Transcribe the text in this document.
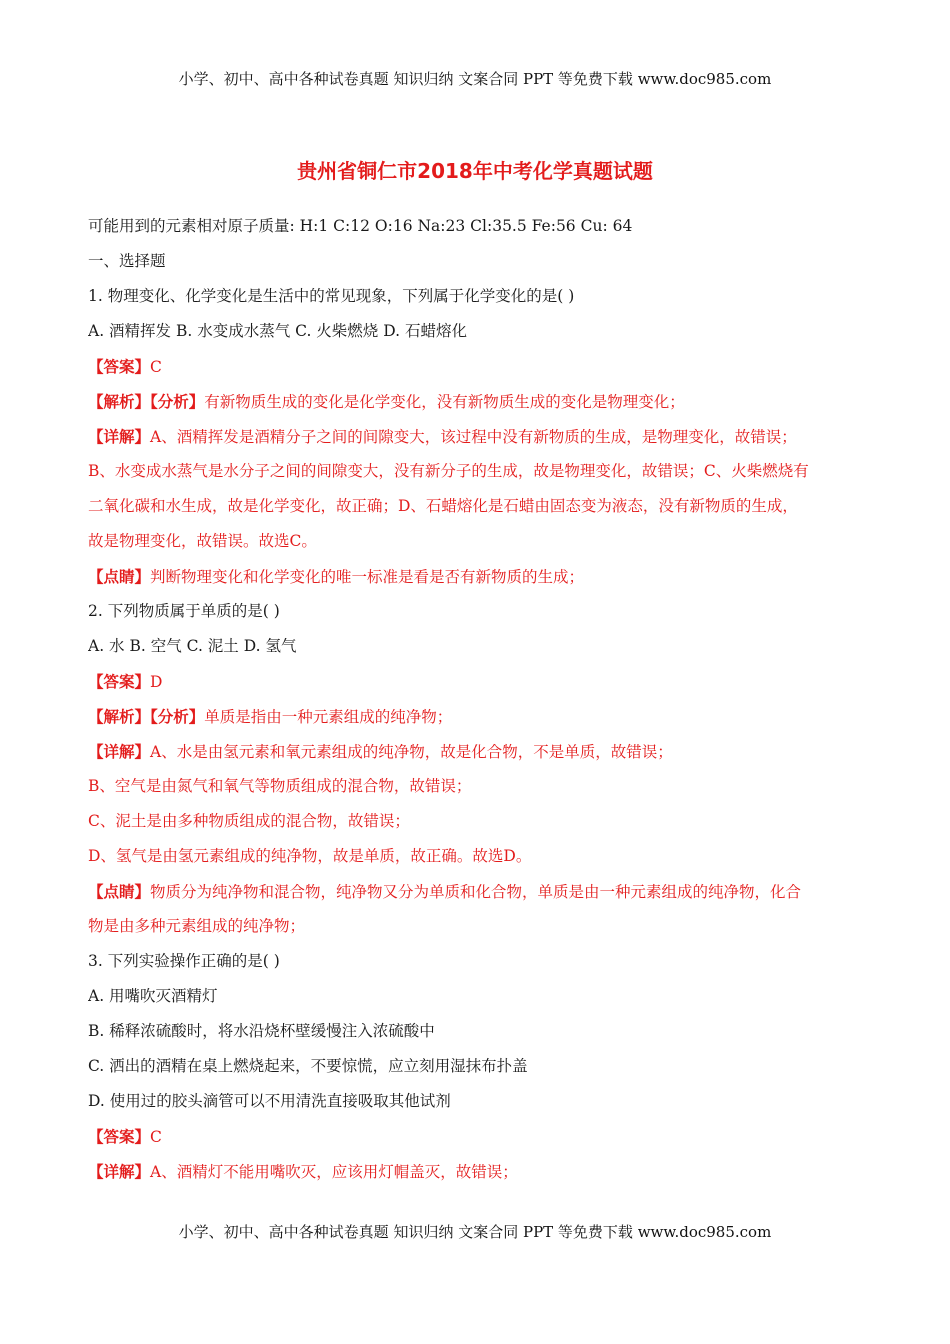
小学、初中、高中各种试卷真题 知识归纳 文案合同 PPT 等免费下载 www.doc985.com
贵州省铜仁市2018年中考化学真题试题
可能用到的元素相对原子质量: H:1 C:12 O:16 Na:23 Cl:35.5 Fe:56 Cu: 64
一、选择题
1. 物理变化、化学变化是生活中的常见现象，下列属于化学变化的是( )
A. 酒精挥发 B. 水变成水蒸气 C. 火柴燃烧 D. 石蜡熔化
【答案】C
【解析】【分析】有新物质生成的变化是化学变化，没有新物质生成的变化是物理变化；
【详解】A、酒精挥发是酒精分子之间的间隙变大，该过程中没有新物质的生成，是物理变化，故错误；
B、水变成水蒸气是水分子之间的间隙变大，没有新分子的生成，故是物理变化，故错误；C、火柴燃烧有
二氧化碳和水生成，故是化学变化，故正确；D、石蜡熔化是石蜡由固态变为液态，没有新物质的生成，
故是物理变化，故错误。故选C。
【点睛】判断物理变化和化学变化的唯一标准是看是否有新物质的生成；
2. 下列物质属于单质的是( )
A. 水 B. 空气 C. 泥土 D. 氢气
【答案】D
【解析】【分析】单质是指由一种元素组成的纯净物；
【详解】A、水是由氢元素和氧元素组成的纯净物，故是化合物，不是单质，故错误；
B、空气是由氮气和氧气等物质组成的混合物，故错误；
C、泥土是由多种物质组成的混合物，故错误；
D、氢气是由氢元素组成的纯净物，故是单质，故正确。故选D。
【点睛】物质分为纯净物和混合物，纯净物又分为单质和化合物，单质是由一种元素组成的纯净物，化合
物是由多种元素组成的纯净物；
3. 下列实验操作正确的是( )
A. 用嘴吹灭酒精灯
B. 稀释浓硫酸时，将水沿烧杯壁缓慢注入浓硫酸中
C. 洒出的酒精在桌上燃烧起来，不要惊慌，应立刻用湿抹布扑盖
D. 使用过的胶头滴管可以不用清洗直接吸取其他试剂
【答案】C
【详解】A、酒精灯不能用嘴吹灭，应该用灯帽盖灭，故错误；
小学、初中、高中各种试卷真题 知识归纳 文案合同 PPT 等免费下载 www.doc985.com
